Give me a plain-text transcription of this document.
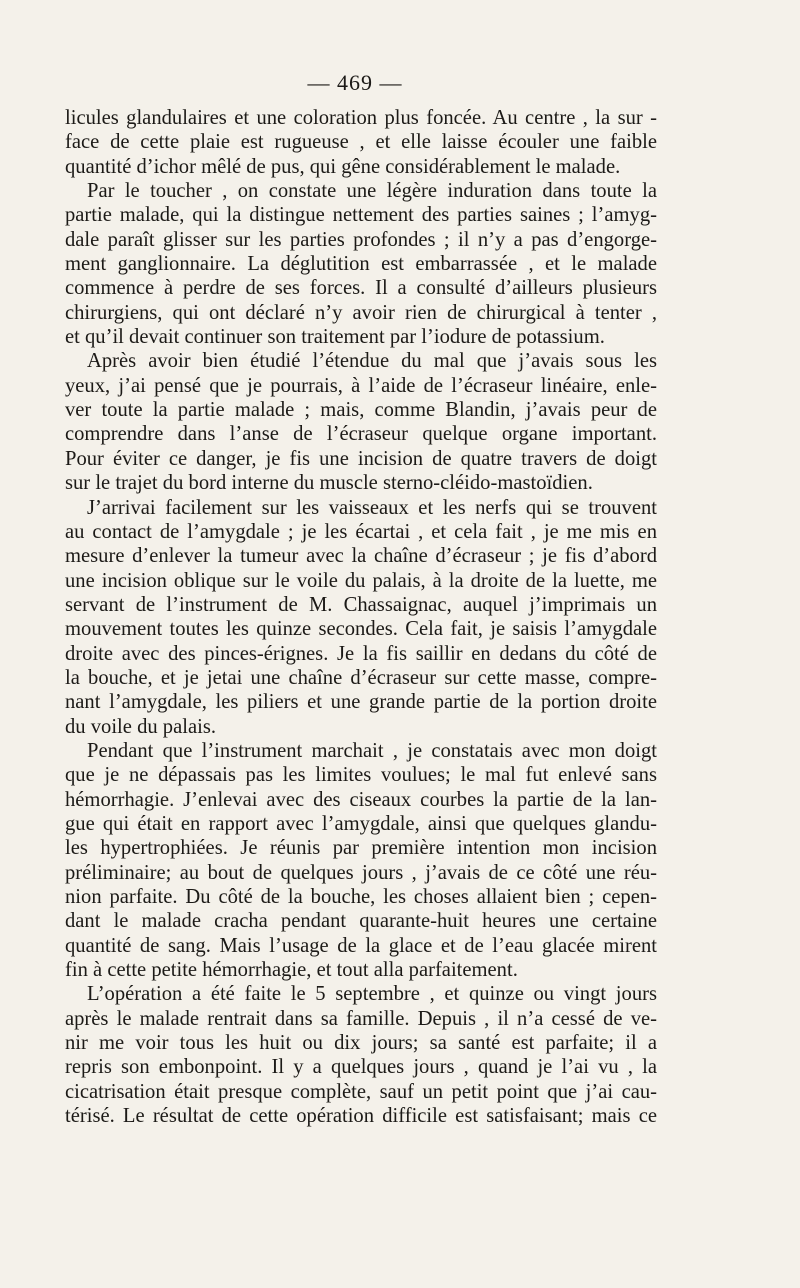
— 469 —
licules glandulaires et une coloration plus foncée. Au centre , la sur -
face de cette plaie est rugueuse , et elle laisse écouler une faible
quantité d’ichor mêlé de pus, qui gêne considérablement le malade.
Par le toucher , on constate une légère induration dans toute la
partie malade, qui la distingue nettement des parties saines ; l’amyg-
dale paraît glisser sur les parties profondes ; il n’y a pas d’engorge-
ment ganglionnaire. La déglutition est embarrassée , et le malade
commence à perdre de ses forces. Il a consulté d’ailleurs plusieurs
chirurgiens, qui ont déclaré n’y avoir rien de chirurgical à tenter ,
et qu’il devait continuer son traitement par l’iodure de potassium.
Après avoir bien étudié l’étendue du mal que j’avais sous les
yeux, j’ai pensé que je pourrais, à l’aide de l’écraseur linéaire, enle-
ver toute la partie malade ; mais, comme Blandin, j’avais peur de
comprendre dans l’anse de l’écraseur quelque organe important.
Pour éviter ce danger, je fis une incision de quatre travers de doigt
sur le trajet du bord interne du muscle sterno-cléido-mastoïdien.
J’arrivai facilement sur les vaisseaux et les nerfs qui se trouvent
au contact de l’amygdale ; je les écartai , et cela fait , je me mis en
mesure d’enlever la tumeur avec la chaîne d’écraseur ; je fis d’abord
une incision oblique sur le voile du palais, à la droite de la luette, me
servant de l’instrument de M. Chassaignac, auquel j’imprimais un
mouvement toutes les quinze secondes. Cela fait, je saisis l’amygdale
droite avec des pinces-érignes. Je la fis saillir en dedans du côté de
la bouche, et je jetai une chaîne d’écraseur sur cette masse, compre-
nant l’amygdale, les piliers et une grande partie de la portion droite
du voile du palais.
Pendant que l’instrument marchait , je constatais avec mon doigt
que je ne dépassais pas les limites voulues; le mal fut enlevé sans
hémorrhagie. J’enlevai avec des ciseaux courbes la partie de la lan-
gue qui était en rapport avec l’amygdale, ainsi que quelques glandu-
les hypertrophiées. Je réunis par première intention mon incision
préliminaire; au bout de quelques jours , j’avais de ce côté une réu-
nion parfaite. Du côté de la bouche, les choses allaient bien ; cepen-
dant le malade cracha pendant quarante-huit heures une certaine
quantité de sang. Mais l’usage de la glace et de l’eau glacée mirent
fin à cette petite hémorrhagie, et tout alla parfaitement.
L’opération a été faite le 5 septembre , et quinze ou vingt jours
après le malade rentrait dans sa famille. Depuis , il n’a cessé de ve-
nir me voir tous les huit ou dix jours; sa santé est parfaite; il a
repris son embonpoint. Il y a quelques jours , quand je l’ai vu , la
cicatrisation était presque complète, sauf un petit point que j’ai cau-
térisé. Le résultat de cette opération difficile est satisfaisant; mais ce
